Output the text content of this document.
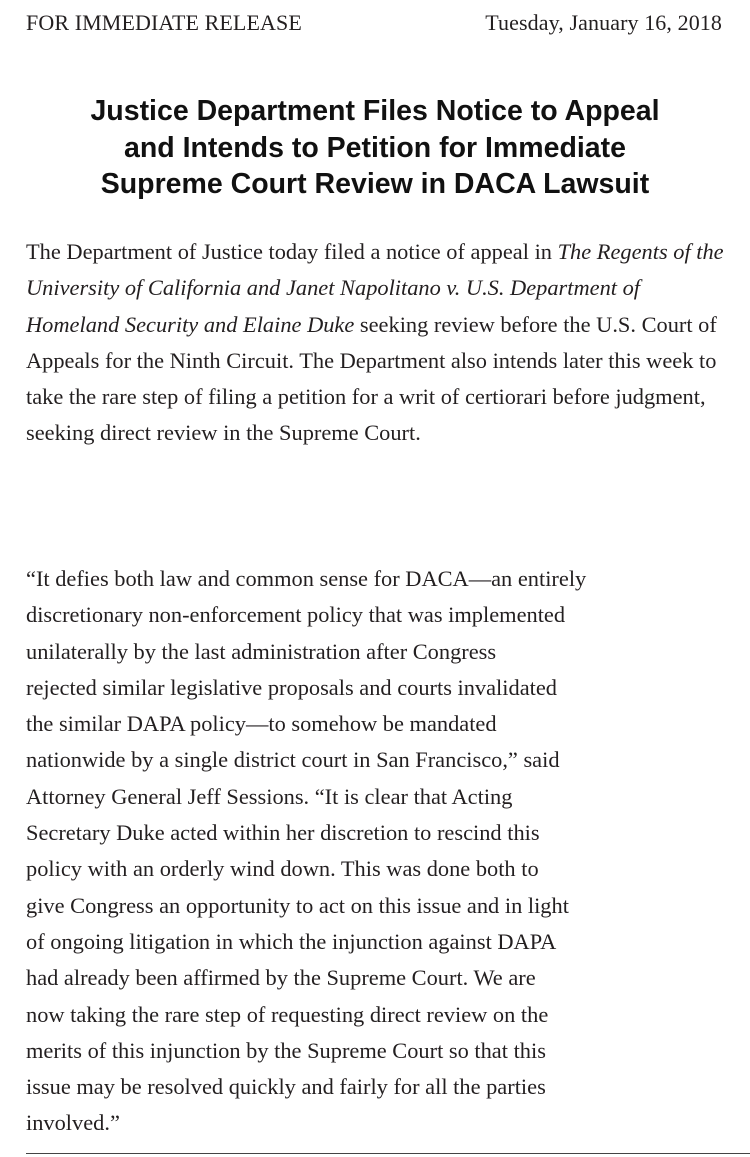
FOR IMMEDIATE RELEASE	Tuesday, January 16, 2018
Justice Department Files Notice to Appeal
and Intends to Petition for Immediate
Supreme Court Review in DACA Lawsuit

The Department of Justice today filed a notice of appeal in The Regents of the University of California and Janet Napolitano v. U.S. Department of Homeland Security and Elaine Duke seeking review before the U.S. Court of Appeals for the Ninth Circuit. The Department also intends later this week to take the rare step of filing a petition for a writ of certiorari before judgment, seeking direct review in the Supreme Court.

“It defies both law and common sense for DACA—an entirely
discretionary non-enforcement policy that was implemented
unilaterally by the last administration after Congress
rejected similar legislative proposals and courts invalidated
the similar DAPA policy—to somehow be mandated
nationwide by a single district court in San Francisco,” said
Attorney General Jeff Sessions. “It is clear that Acting
Secretary Duke acted within her discretion to rescind this
policy with an orderly wind down. This was done both to
give Congress an opportunity to act on this issue and in light
of ongoing litigation in which the injunction against DAPA
had already been affirmed by the Supreme Court. We are
now taking the rare step of requesting direct review on the
merits of this injunction by the Supreme Court so that this
issue may be resolved quickly and fairly for all the parties
involved.”
